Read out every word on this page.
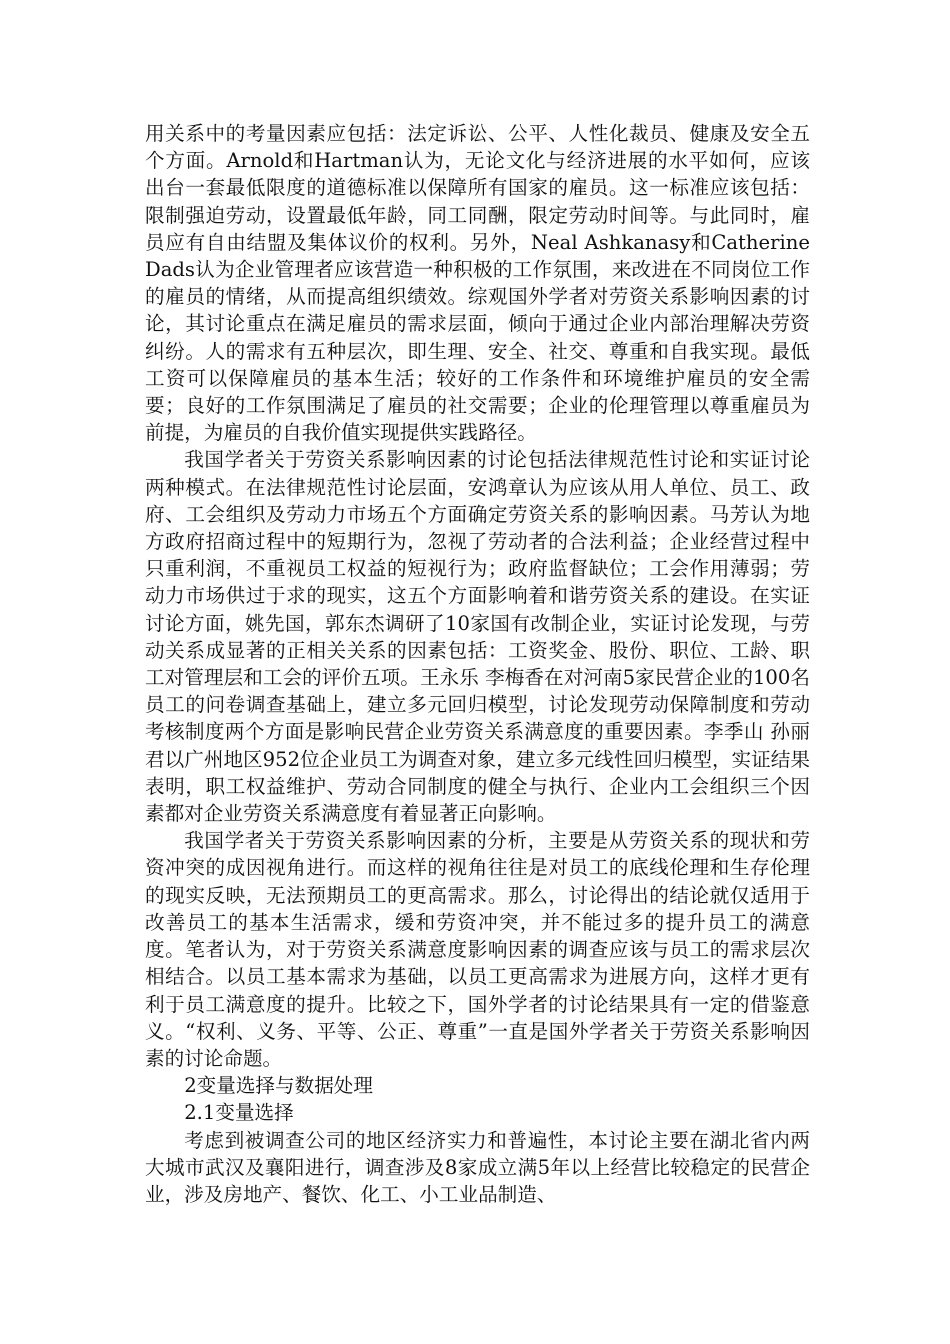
用关系中的考量因素应包括：法定诉讼、公平、人性化裁员、健康及安全五个方面。Arnold和Hartman认为，无论文化与经济进展的水平如何，应该出台一套最低限度的道德标准以保障所有国家的雇员。这一标准应该包括：限制强迫劳动，设置最低年龄，同工同酬，限定劳动时间等。与此同时，雇员应有自由结盟及集体议价的权利。另外，Neal Ashkanasy和Catherine Dads认为企业管理者应该营造一种积极的工作氛围，来改进在不同岗位工作的雇员的情绪，从而提高组织绩效。综观国外学者对劳资关系影响因素的讨论，其讨论重点在满足雇员的需求层面，倾向于通过企业内部治理解决劳资纠纷。人的需求有五种层次，即生理、安全、社交、尊重和自我实现。最低工资可以保障雇员的基本生活；较好的工作条件和环境维护雇员的安全需要；良好的工作氛围满足了雇员的社交需要；企业的伦理管理以尊重雇员为前提，为雇员的自我价值实现提供实践路径。

我国学者关于劳资关系影响因素的讨论包括法律规范性讨论和实证讨论两种模式。在法律规范性讨论层面，安鸿章认为应该从用人单位、员工、政府、工会组织及劳动力市场五个方面确定劳资关系的影响因素。马芳认为地方政府招商过程中的短期行为，忽视了劳动者的合法利益；企业经营过程中只重利润，不重视员工权益的短视行为；政府监督缺位；工会作用薄弱；劳动力市场供过于求的现实，这五个方面影响着和谐劳资关系的建设。在实证讨论方面，姚先国，郭东杰调研了10家国有改制企业，实证讨论发现，与劳动关系成显著的正相关关系的因素包括：工资奖金、股份、职位、工龄、职工对管理层和工会的评价五项。王永乐 李梅香在对河南5家民营企业的100名员工的问卷调查基础上，建立多元回归模型，讨论发现劳动保障制度和劳动考核制度两个方面是影响民营企业劳资关系满意度的重要因素。李季山 孙丽君以广州地区952位企业员工为调查对象，建立多元线性回归模型，实证结果表明，职工权益维护、劳动合同制度的健全与执行、企业内工会组织三个因素都对企业劳资关系满意度有着显著正向影响。

我国学者关于劳资关系影响因素的分析，主要是从劳资关系的现状和劳资冲突的成因视角进行。而这样的视角往往是对员工的底线伦理和生存伦理的现实反映，无法预期员工的更高需求。那么，讨论得出的结论就仅适用于改善员工的基本生活需求，缓和劳资冲突，并不能过多的提升员工的满意度。笔者认为，对于劳资关系满意度影响因素的调查应该与员工的需求层次相结合。以员工基本需求为基础，以员工更高需求为进展方向，这样才更有利于员工满意度的提升。比较之下，国外学者的讨论结果具有一定的借鉴意义。“权利、义务、平等、公正、尊重”一直是国外学者关于劳资关系影响因素的讨论命题。

2变量选择与数据处理

2.1变量选择

考虑到被调查公司的地区经济实力和普遍性，本讨论主要在湖北省内两大城市武汉及襄阳进行，调查涉及8家成立满5年以上经营比较稳定的民营企业，涉及房地产、餐饮、化工、小工业品制造、
